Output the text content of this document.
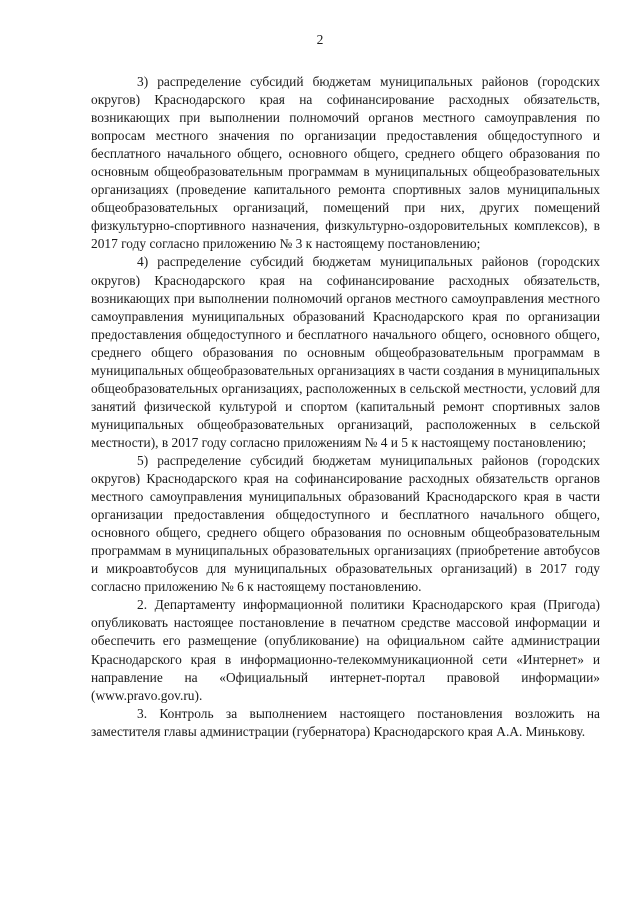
2

3) распределение субсидий бюджетам муниципальных районов (городских округов) Краснодарского края на софинансирование расходных обязательств, возникающих при выполнении полномочий органов местного самоуправления по вопросам местного значения по организации предоставления общедоступного и бесплатного начального общего, основного общего, среднего общего образования по основным общеобразовательным программам в муниципальных общеобразовательных организациях (проведение капитального ремонта спортивных залов муниципальных общеобразовательных организаций, помещений при них, других помещений физкультурно-спортивного назначения, физкультурно-оздоровительных комплексов), в 2017 году согласно приложению № 3 к настоящему постановлению;

4) распределение субсидий бюджетам муниципальных районов (городских округов) Краснодарского края на софинансирование расходных обязательств, возникающих при выполнении полномочий органов местного самоуправления местного самоуправления муниципальных образований Краснодарского края по организации предоставления общедоступного и бесплатного начального общего, основного общего, среднего общего образования по основным общеобразовательным программам в муниципальных общеобразовательных организациях в части создания в муниципальных общеобразовательных организациях, расположенных в сельской местности, условий для занятий физической культурой и спортом (капитальный ремонт спортивных залов муниципальных общеобразовательных организаций, расположенных в сельской местности), в 2017 году согласно приложениям № 4 и 5 к настоящему постановлению;

5) распределение субсидий бюджетам муниципальных районов (городских округов) Краснодарского края на софинансирование расходных обязательств органов местного самоуправления муниципальных образований Краснодарского края в части организации предоставления общедоступного и бесплатного начального общего, основного общего, среднего общего образования по основным общеобразовательным программам в муниципальных образовательных организациях (приобретение автобусов и микроавтобусов для муниципальных образовательных организаций) в 2017 году согласно приложению № 6 к настоящему постановлению.

2. Департаменту информационной политики Краснодарского края (Пригода) опубликовать настоящее постановление в печатном средстве массовой информации и обеспечить его размещение (опубликование) на официальном сайте администрации Краснодарского края в информационно-телекоммуникационной сети «Интернет» и направление на «Официальный интернет-портал правовой информации» (www.pravo.gov.ru).

3. Контроль за выполнением настоящего постановления возложить на заместителя главы администрации (губернатора) Краснодарского края А.А. Минькову.
